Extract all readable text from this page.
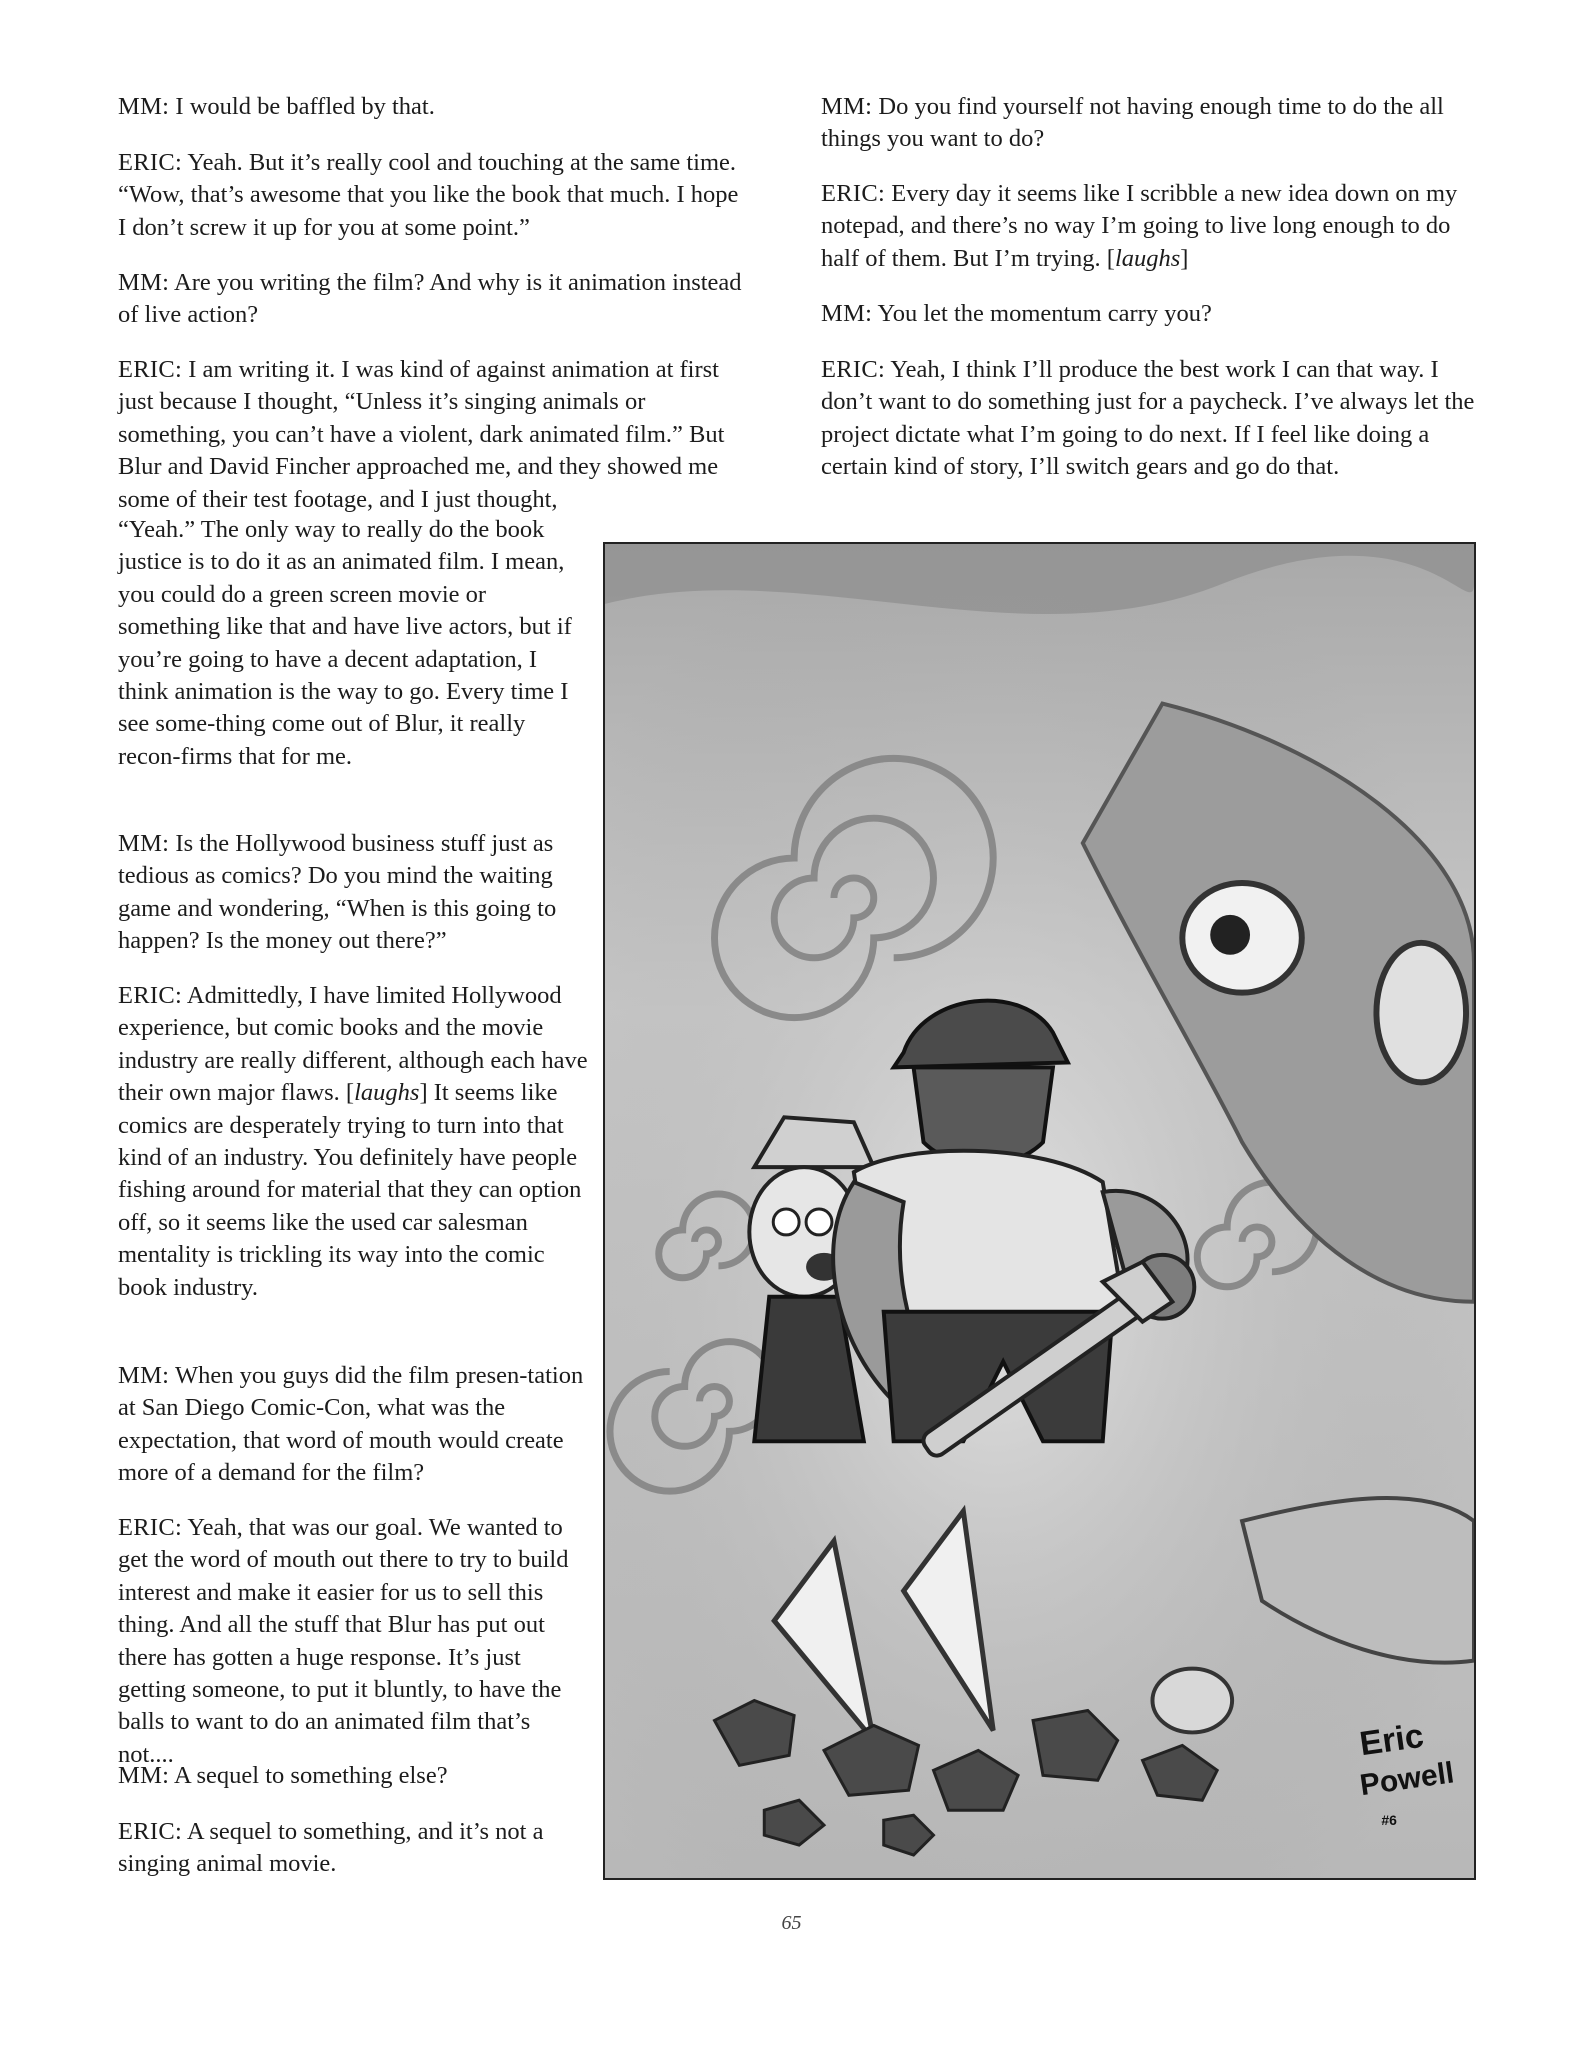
MM: I would be baffled by that.

ERIC: Yeah. But it’s really cool and touching at the same time. “Wow, that’s awesome that you like the book that much. I hope I don’t screw it up for you at some point.”

MM: Are you writing the film? And why is it animation instead of live action?

ERIC: I am writing it. I was kind of against animation at first just because I thought, “Unless it’s singing animals or something, you can’t have a violent, dark animated film.” But Blur and David Fincher approached me, and they showed me some of their test footage, and I just thought,

“Yeah.” The only way to really do the book justice is to do it as an animated film. I mean, you could do a green screen movie or something like that and have live actors, but if you’re going to have a decent adaptation, I think animation is the way to go. Every time I see some-thing come out of Blur, it really recon-firms that for me.

MM: Is the Hollywood business stuff just as tedious as comics? Do you mind the waiting game and wondering, “When is this going to happen? Is the money out there?”

ERIC: Admittedly, I have limited Hollywood experience, but comic books and the movie industry are really different, although each have their own major flaws. [laughs] It seems like comics are desperately trying to turn into that kind of an industry. You definitely have people fishing around for material that they can option off, so it seems like the used car salesman mentality is trickling its way into the comic book industry.

MM: When you guys did the film presen-tation at San Diego Comic-Con, what was the expectation, that word of mouth would create more of a demand for the film?

ERIC: Yeah, that was our goal. We wanted to get the word of mouth out there to try to build interest and make it easier for us to sell this thing. And all the stuff that Blur has put out there has gotten a huge response. It’s just getting someone, to put it bluntly, to have the balls to want to do an animated film that’s not....

MM: A sequel to something else?

ERIC: A sequel to something, and it’s not a singing animal movie.

MM: Do you find yourself not having enough time to do the all things you want to do?

ERIC: Every day it seems like I scribble a new idea down on my notepad, and there’s no way I’m going to live long enough to do half of them. But I’m trying. [laughs]

MM: You let the momentum carry you?

ERIC: Yeah, I think I’ll produce the best work I can that way. I don’t want to do something just for a paycheck. I’ve always let the project dictate what I’m going to do next. If I feel like doing a certain kind of story, I’ll switch gears and go do that.

Eric
Powell
#6
65
